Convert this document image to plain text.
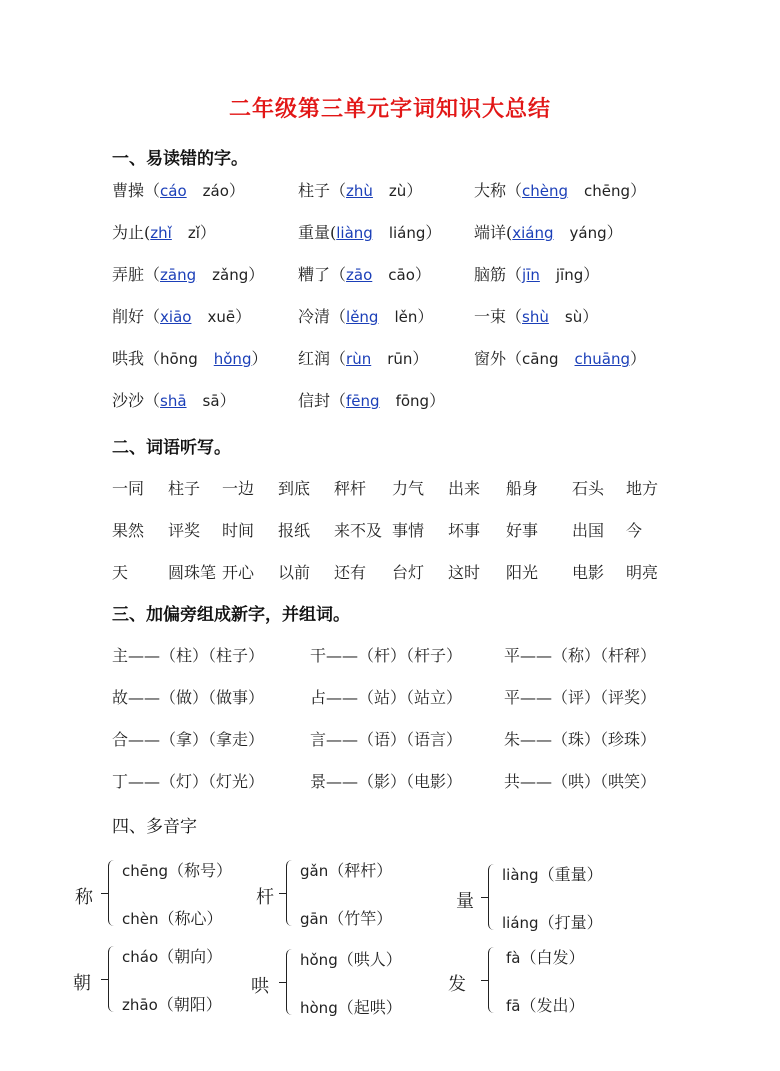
二年级第三单元字词知识大总结
一、易读错的字。
曹操（cáo  záo）	柱子（zhù  zù）	大称（chèng  chēng）
为止(zhǐ  zǐ）	重量(liàng  liáng） 端详(xiáng  yáng）
弄脏（zāng  zǎng） 糟了（zāo  cāo）	脑筋（jīn  jīng）
削好（xiāo  xuē）	冷清（lěng  lěn）	一束（shù  sù）
哄我（hōng  hǒng） 红润（rùn  rūn）	窗外（cāng  chuāng）
沙沙（shā  sā）	信封（fēng  fōng）
二、词语听写。
一同 柱子 一边 到底 秤杆 力气 出来 船身 石头 地方
果然 评奖 时间 报纸 来不及 事情 坏事 好事 出国 今
天 圆珠笔 开心 以前 还有 台灯 这时 阳光 电影 明亮
三、加偏旁组成新字，并组词。
主——（柱）（柱子）	干——（杆）（杆子）	平——（称）（杆秤）
故——（做）（做事）	占——（站）（站立）	平——（评）（评奖）
合——（拿）（拿走）	言——（语）（语言）	朱——（珠）（珍珠）
丁——（灯）（灯光）	景——（影）（电影）	共——（哄）（哄笑）
四、多音字
称
chēng（称号）
chèn（称心）
杆
gǎn（秤杆）
gān（竹竿）
量
liàng（重量）
liáng（打量）
朝
cháo（朝向）
zhāo（朝阳）
哄
hǒng（哄人）
hòng（起哄）
发
fà（白发）
fā（发出）
